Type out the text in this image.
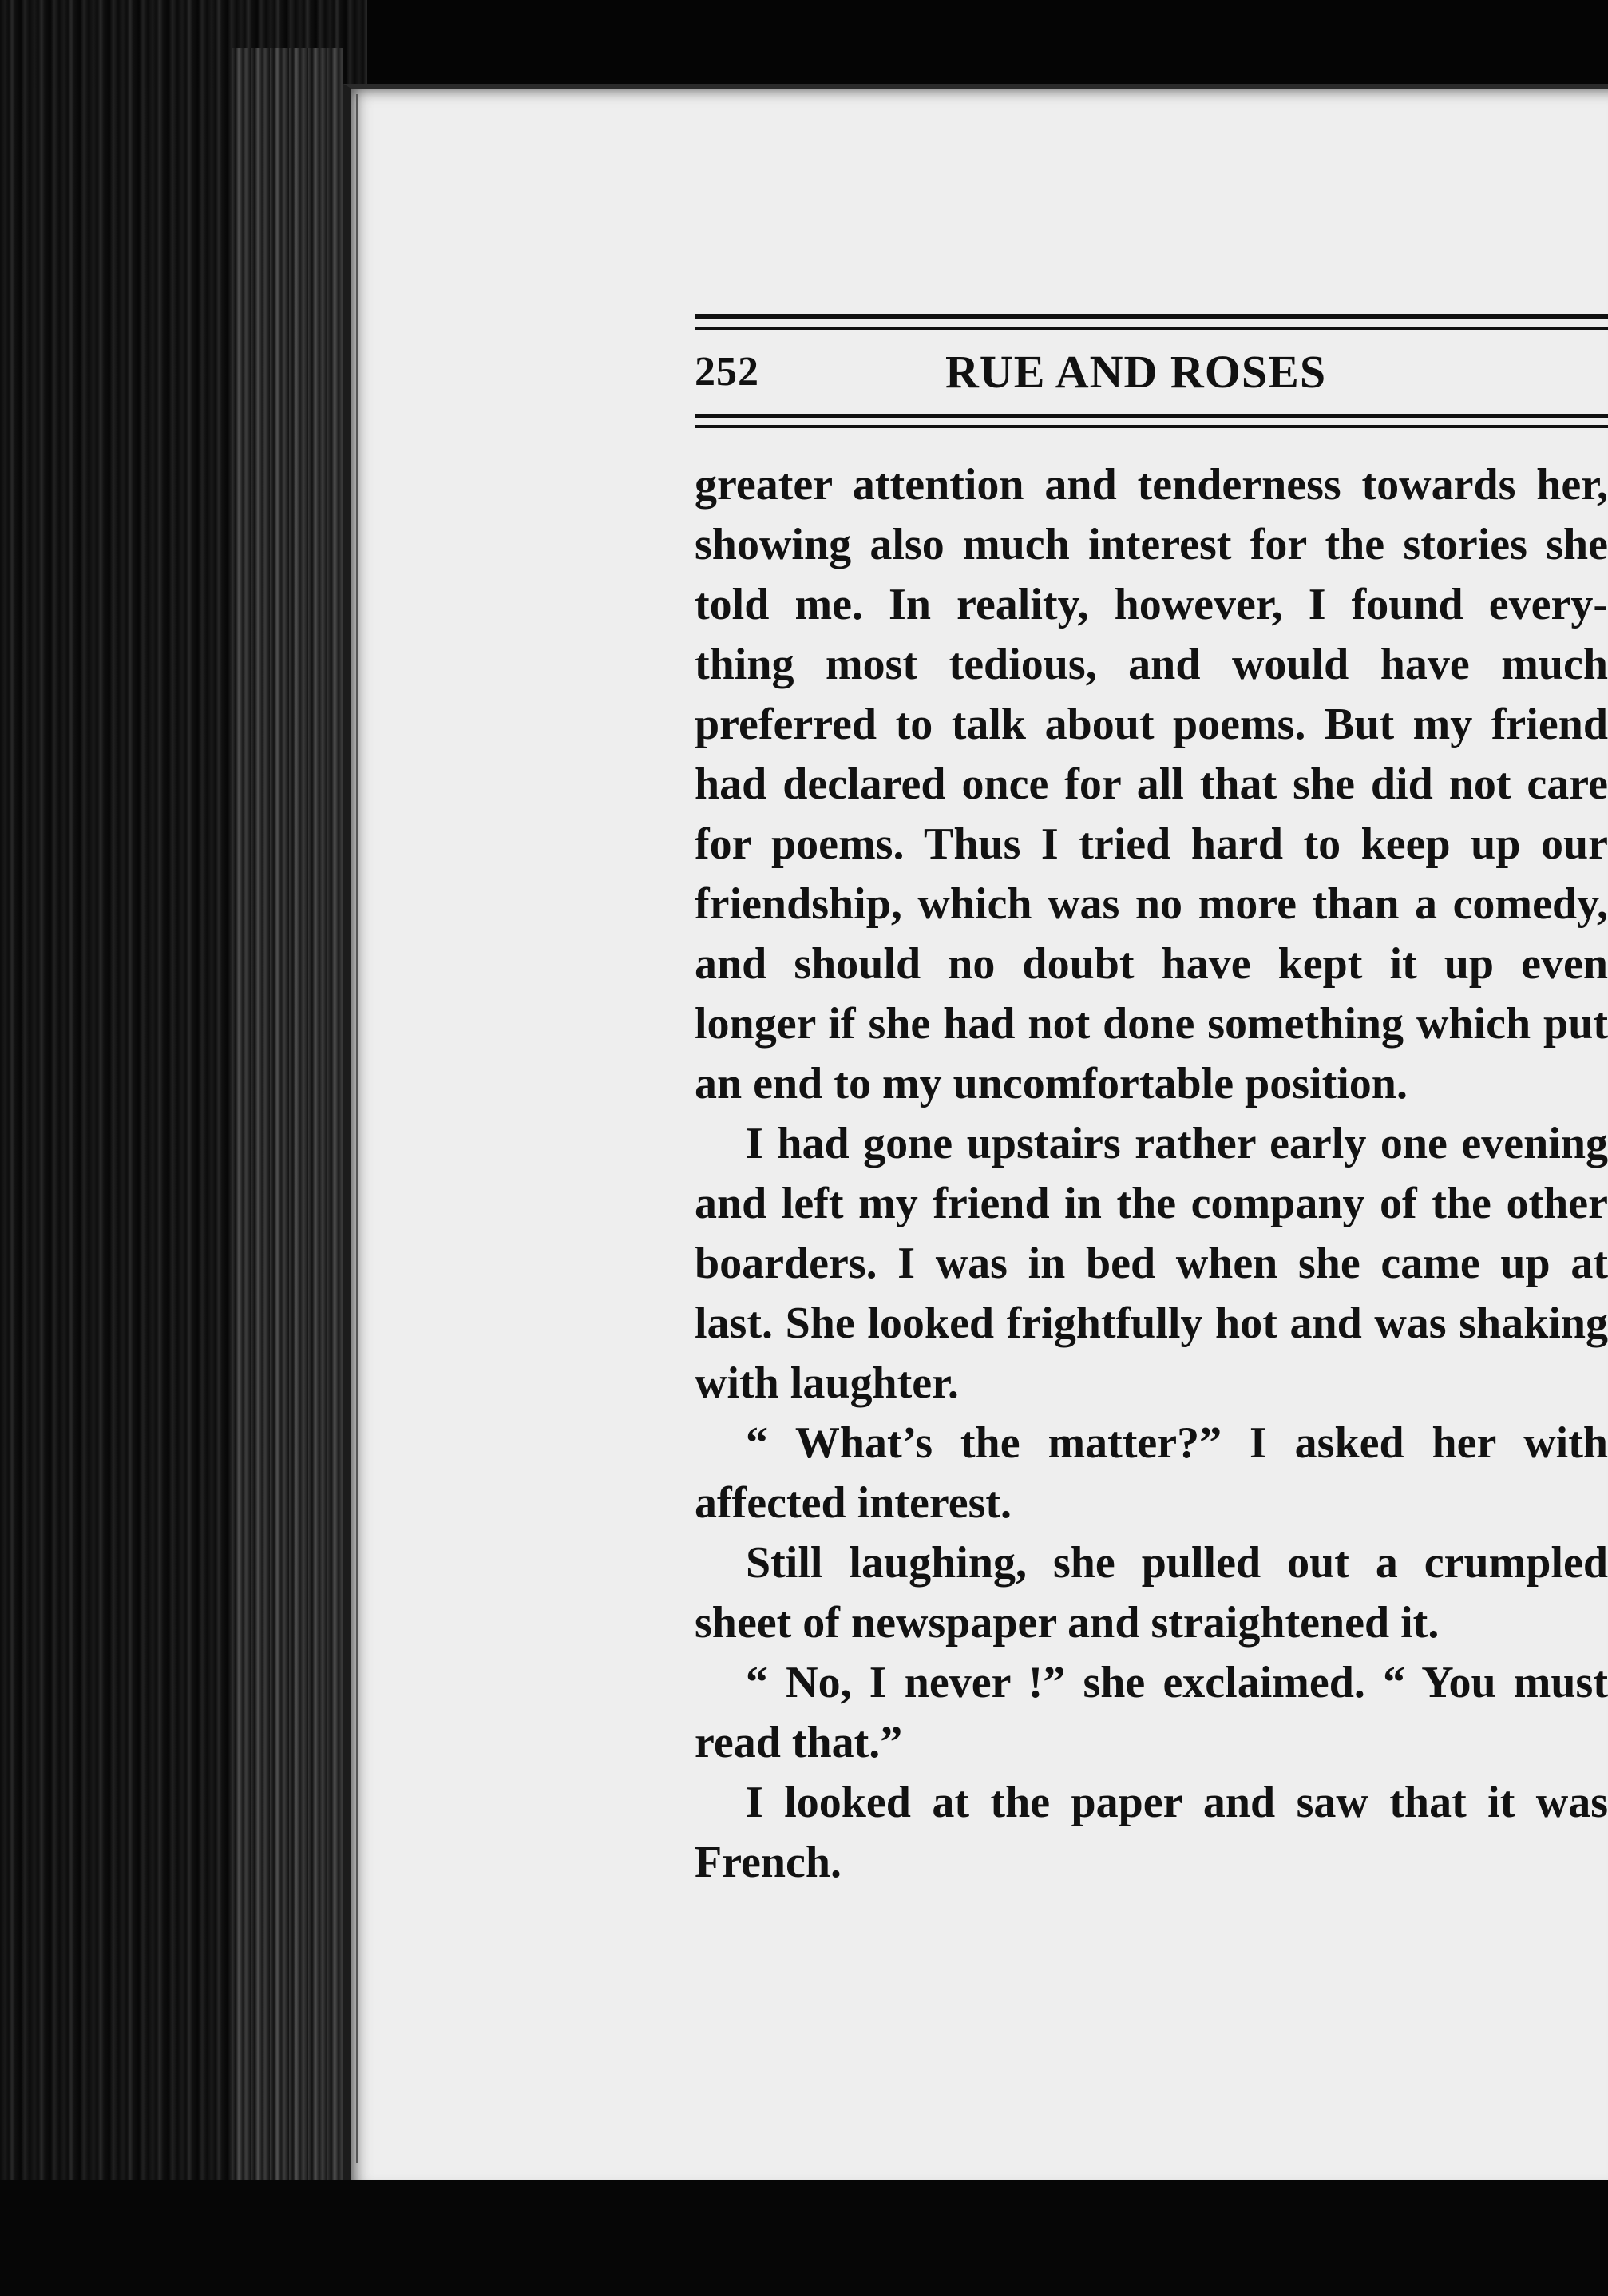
252	RUE AND ROSES
greater attention and tenderness towards her,
showing also much interest for the stories she
told me. In reality, however, I found every-
thing most tedious, and would have much
preferred to talk about poems. But my friend
had declared once for all that she did not care
for poems. Thus I tried hard to keep up our
friendship, which was no more than a comedy,
and should no doubt have kept it up even
longer if she had not done something which put
an end to my uncomfortable position.
I had gone upstairs rather early one evening
and left my friend in the company of the other
boarders. I was in bed when she came up at
last. She looked frightfully hot and was shaking
with laughter.
“ What’s the matter?” I asked her with
affected interest.
Still laughing, she pulled out a crumpled
sheet of newspaper and straightened it.
“ No, I never !” she exclaimed. “ You must
read that.”
I looked at the paper and saw that it was
French.
